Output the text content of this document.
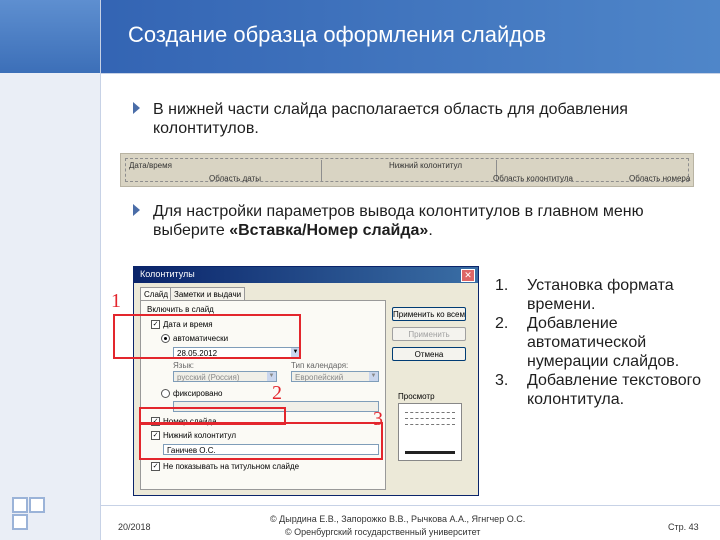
Создание образца оформления слайдов
В нижней части слайда располагается область для добавления колонтитулов.
Дата/время
Область даты
Нижний колонтитул
Область колонтитула	Область номера
Для настройки параметров вывода колонтитулов в главном меню выберите «Вставка/Номер слайда».
Колонтитулы	✕
Слайд Заметки и выдачи
Включить в слайд
✓ Дата и время
автоматически
28.05.2012	▼
Язык:	Тип календаря:
русский (Россия)	▼	Европейский	▼
фиксировано
✓ Номер слайда
✓ Нижний колонтитул
Ганичев О.С.
✓ Не показывать на титульном слайде
Применить ко всем
Применить
Отмена
Просмотр
1
2
3
1. Установка формата времени.
2. Добавление автоматической нумерации слайдов.
3. Добавление текстового колонтитула.
20/2018
© Дырдина Е.В., Запорожко В.В., Рычкова А.А., Ягнгчер О.С.
© Оренбургский государственный университет	Стр. 43
